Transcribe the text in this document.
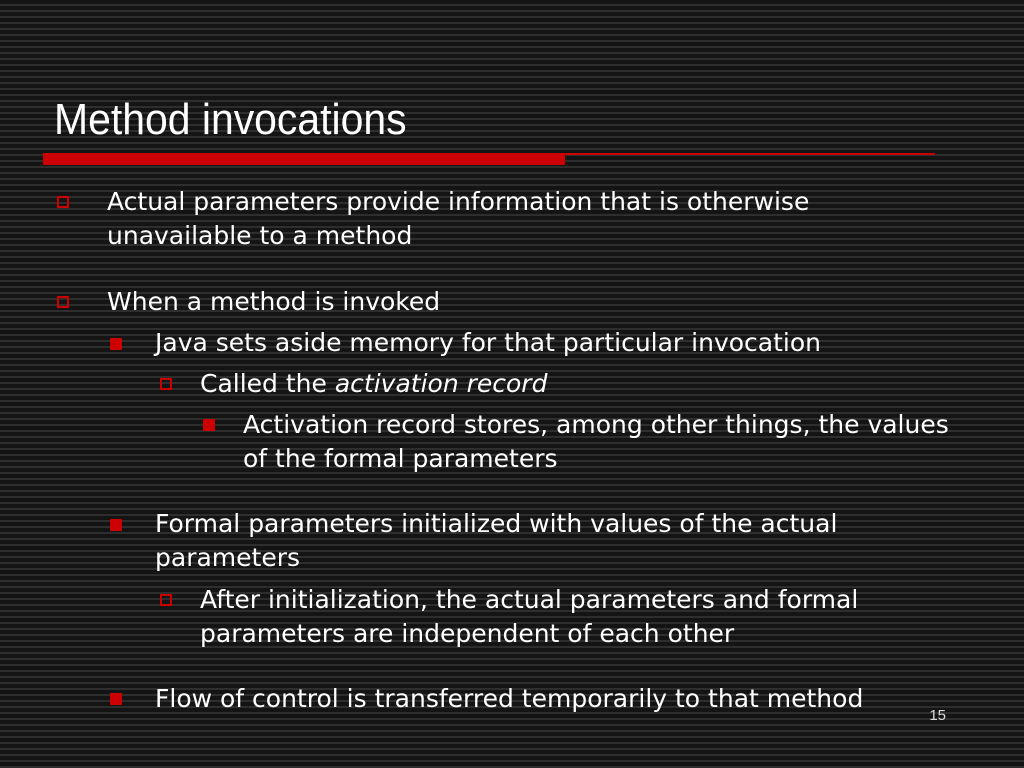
Method invocations
Actual parameters provide information that is otherwise unavailable to a method
When a method is invoked
Java sets aside memory for that particular invocation
Called the activation record
Activation record stores, among other things, the values of the formal parameters
Formal parameters initialized with values of the actual parameters
After initialization, the actual parameters and formal parameters are independent of each other
Flow of control is transferred temporarily to that method
15
